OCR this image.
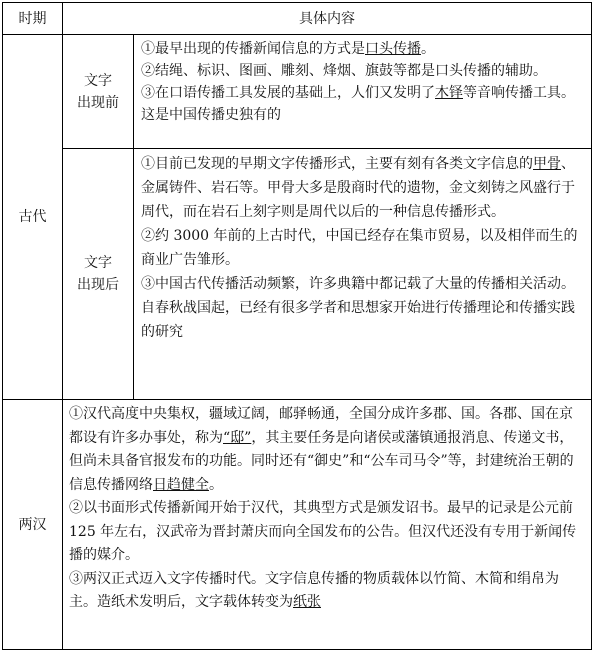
时期	具体内容
古代
文字
出现前
①最早出现的传播新闻信息的方式是口头传播。
②结绳、标识、图画、雕刻、烽烟、旗鼓等都是口头传播的辅助。
③在口语传播工具发展的基础上，人们又发明了木铎等音响传播工具。这是中国传播史独有的
文字
出现后
①目前已发现的早期文字传播形式，主要有刻有各类文字信息的甲骨、金属铸件、岩石等。甲骨大多是殷商时代的遗物，金文刻铸之风盛行于周代，而在岩石上刻字则是周代以后的一种信息传播形式。
②约 3000 年前的上古时代，中国已经存在集市贸易，以及相伴而生的商业广告雏形。
③中国古代传播活动频繁，许多典籍中都记载了大量的传播相关活动。自春秋战国起，已经有很多学者和思想家开始进行传播理论和传播实践的研究
两汉
①汉代高度中央集权，疆域辽阔，邮驿畅通，全国分成许多郡、国。各郡、国在京都设有许多办事处，称为“邸”，其主要任务是向诸侯或藩镇通报消息、传递文书，但尚未具备官报发布的功能。同时还有“御史”和“公车司马令”等，封建统治王朝的信息传播网络日趋健全。
②以书面形式传播新闻开始于汉代，其典型方式是颁发诏书。最早的记录是公元前 125 年左右，汉武帝为晋封萧庆而向全国发布的公告。但汉代还没有专用于新闻传播的媒介。
③两汉正式迈入文字传播时代。文字信息传播的物质载体以竹简、木简和绢帛为主。造纸术发明后，文字载体转变为纸张
